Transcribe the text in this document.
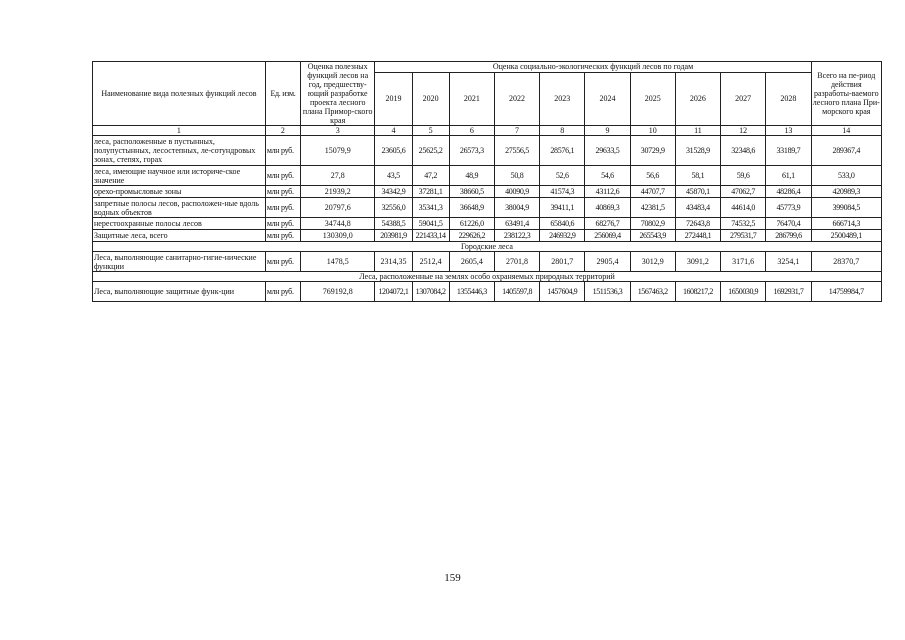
Наименование вида полезных функций лесов	Ед. изм.	Оценка полезных функций лесов на год, предшеству-ющий разработке проекта лесного плана Примор-ского края	Оценка социально-экологических функций лесов по годам										Всего на пе-риод действия разработы-ваемого лесного плана При-морского края
			2019	2020	2021	2022	2023	2024	2025	2026	2027	2028	
1	2	3	4	5	6	7	8	9	10	11	12	13	14
леса, расположенные в пустынных, полупустынных, лесостепных, ле-сотундровых зонах, степях, горах	млн руб.	15079,9	23605,6	25625,2	26573,3	27556,5	28576,1	29633,5	30729,9	31528,9	32348,6	33189,7	289367,4
леса, имеющие научное или историче-ское значение	млн руб.	27,8	43,5	47,2	48,9	50,8	52,6	54,6	56,6	58,1	59,6	61,1	533,0
орехо-промысловые зоны	млн руб.	21939,2	34342,9	37281,1	38660,5	40090,9	41574,3	43112,6	44707,7	45870,1	47062,7	48286,4	420989,3
запретные полосы лесов, расположен-ные вдоль водных объектов	млн руб.	20797,6	32556,0	35341,3	36648,9	38004,9	39411,1	40869,3	42381,5	43483,4	44614,0	45773,9	399084,5
нерестоохранные полосы лесов	млн руб.	34744,8	54388,5	59041,5	61226,0	63491,4	65840,6	68276,7	70802,9	72643,8	74532,5	76470,4	666714,3
Защитные леса, всего	млн руб.	130309,0	203981,9	221433,14	229626,2	238122,3	246932,9	256069,4	265543,9	272448,1	279531,7	286799,6	2500489,1
Городские леса													
Леса, выполняющие санитарно-гигие-нические функции	млн руб.	1478,5	2314,35	2512,4	2605,4	2701,8	2801,7	2905,4	3012,9	3091,2	3171,6	3254,1	28370,7
Леса, расположенные на землях особо охраняемых природных территорий													
Леса, выполняющие защитные функ-ции	млн руб.	769192,8	1204072,1	1307084,2	1355446,3	1405597,8	1457604,9	1511536,3	1567463,2	1608217,2	1650030,9	1692931,7	14759984,7
159
